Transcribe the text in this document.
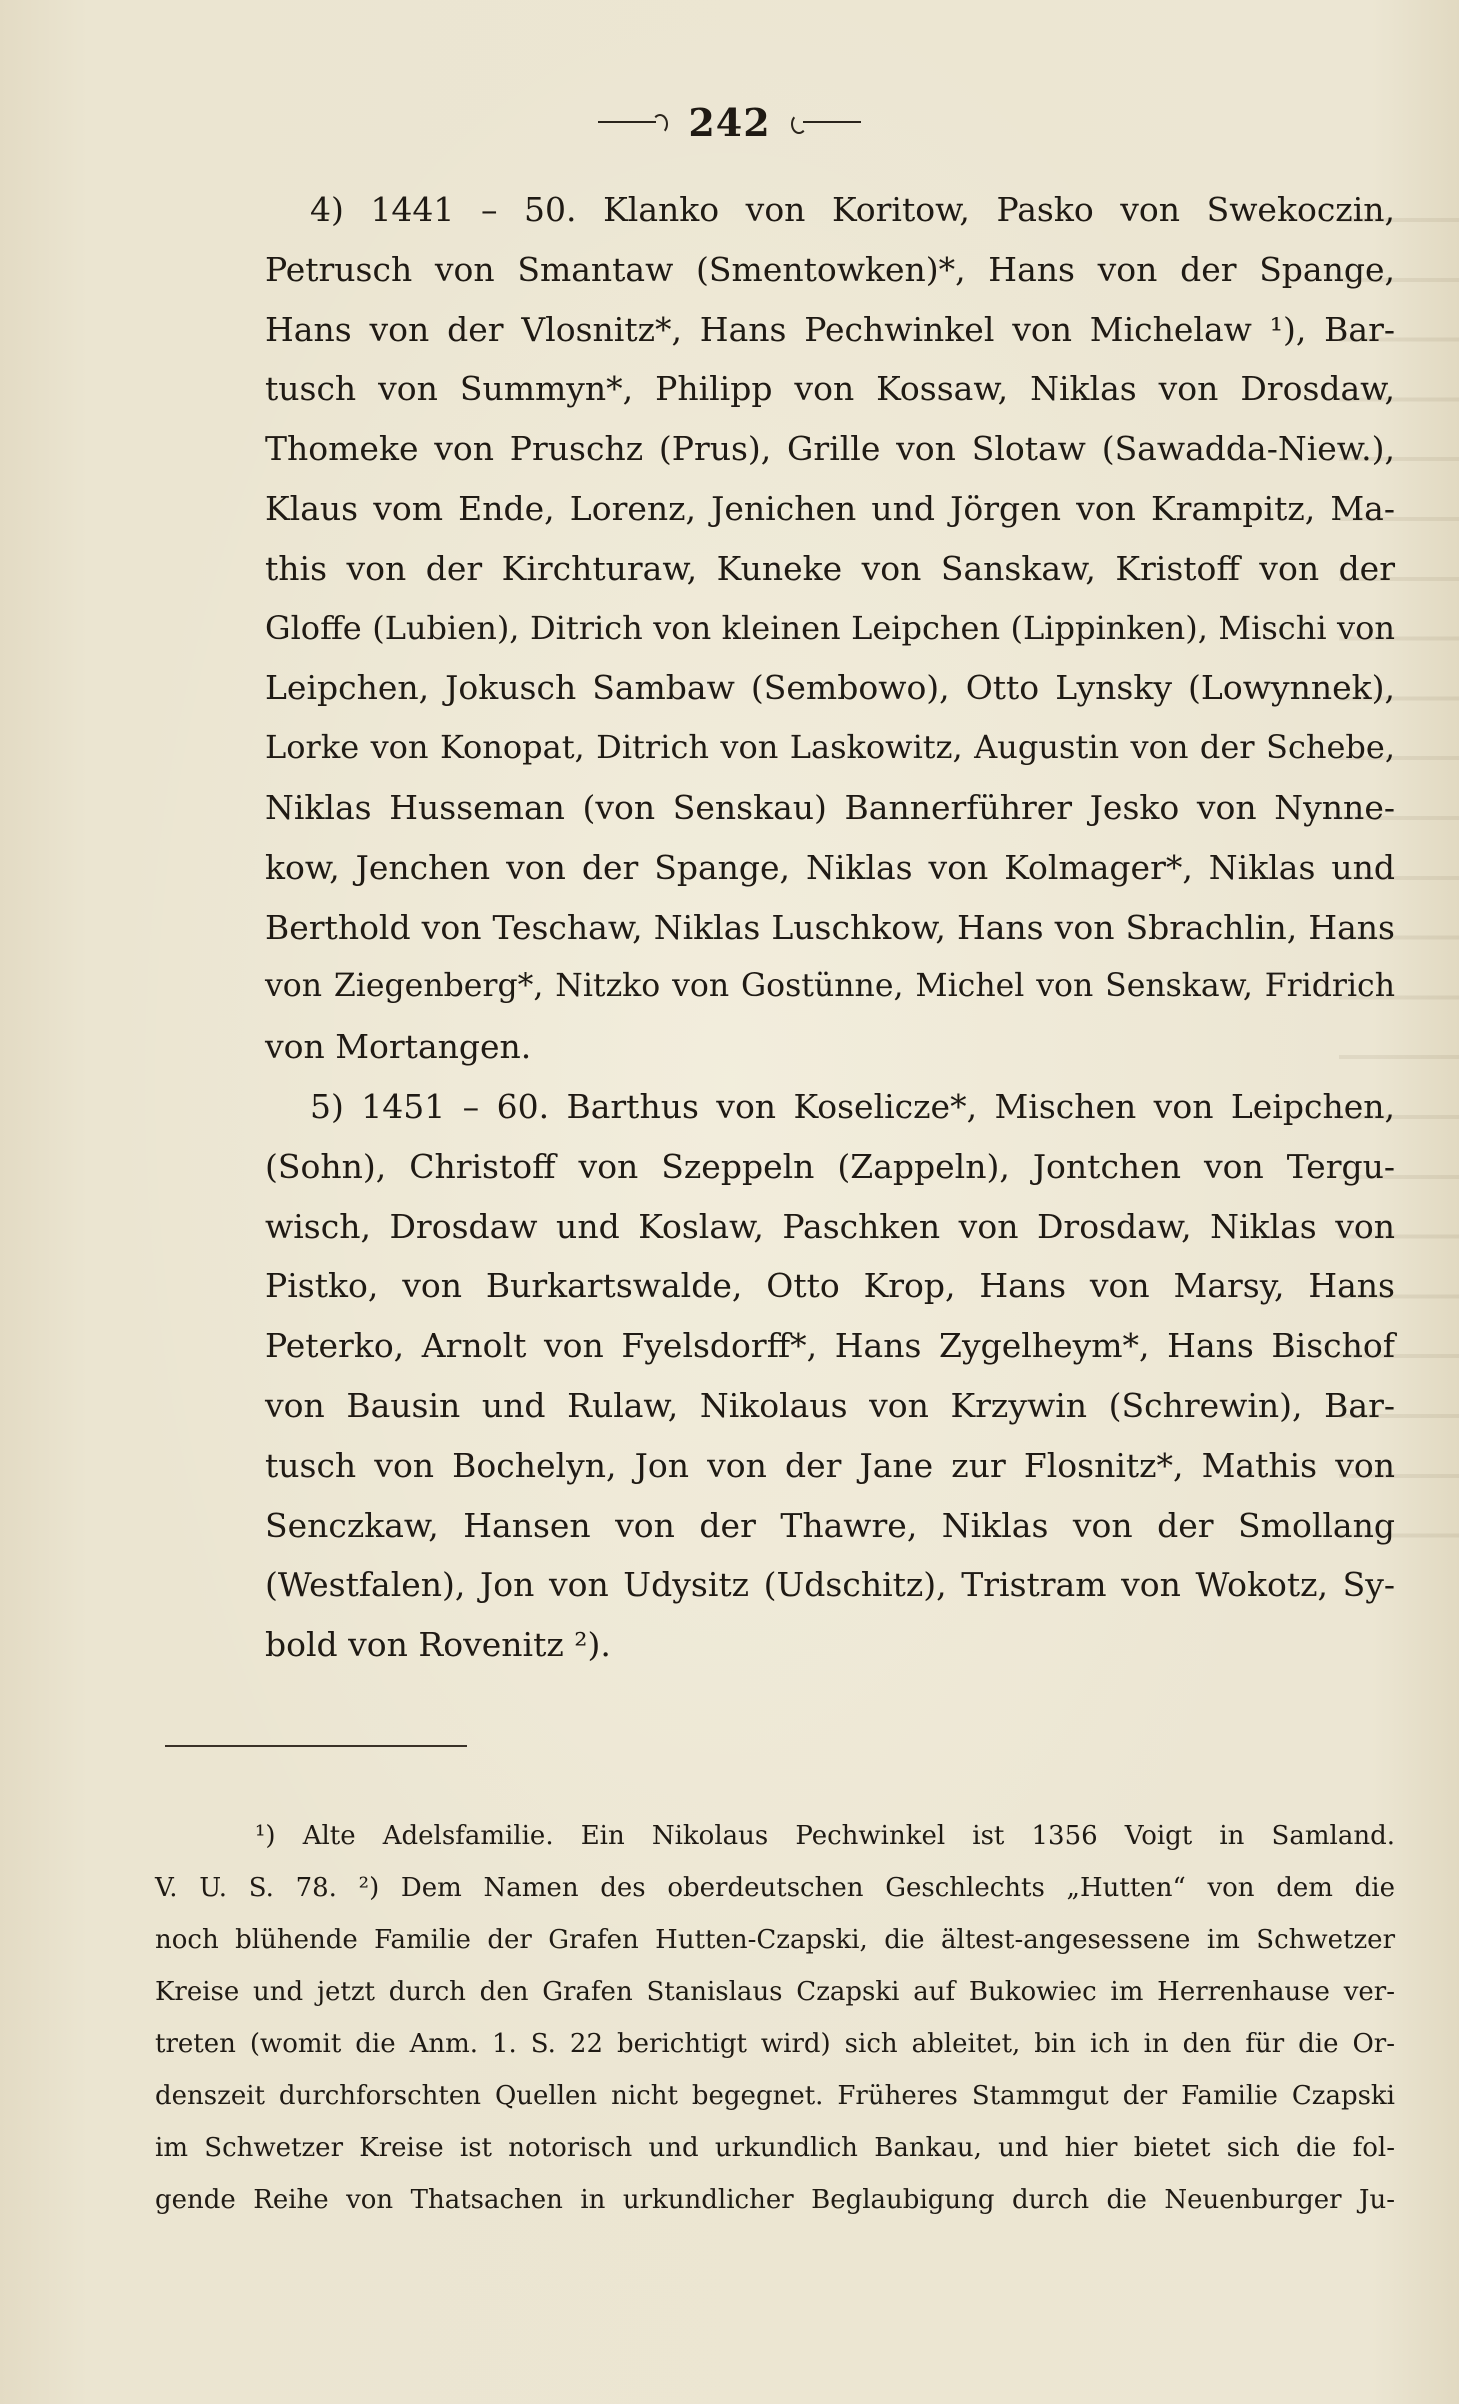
242
4) 1441 – 50. Klanko von Koritow, Pasko von Swekoczin,
Petrusch von Smantaw (Smentowken)*, Hans von der Spange,
Hans von der Vlosnitz*, Hans Pechwinkel von Michelaw ¹), Bar-
tusch von Summyn*, Philipp von Kossaw, Niklas von Drosdaw,
Thomeke von Pruschz (Prus), Grille von Slotaw (Sawadda-Niew.),
Klaus vom Ende, Lorenz, Jenichen und Jörgen von Krampitz, Ma-
this von der Kirchturaw, Kuneke von Sanskaw, Kristoff von der
Gloffe (Lubien), Ditrich von kleinen Leipchen (Lippinken), Mischi von
Leipchen, Jokusch Sambaw (Sembowo), Otto Lynsky (Lowynnek),
Lorke von Konopat, Ditrich von Laskowitz, Augustin von der Schebe,
Niklas Husseman (von Senskau) Bannerführer Jesko von Nynne-
kow, Jenchen von der Spange, Niklas von Kolmager*, Niklas und
Berthold von Teschaw, Niklas Luschkow, Hans von Sbrachlin, Hans
von Ziegenberg*, Nitzko von Gostünne, Michel von Senskaw, Fridrich
von Mortangen.
5) 1451 – 60. Barthus von Koselicze*, Mischen von Leipchen,
(Sohn), Christoff von Szeppeln (Zappeln), Jontchen von Tergu-
wisch, Drosdaw und Koslaw, Paschken von Drosdaw, Niklas von
Pistko, von Burkartswalde, Otto Krop, Hans von Marsy, Hans
Peterko, Arnolt von Fyelsdorff*, Hans Zygelheym*, Hans Bischof
von Bausin und Rulaw, Nikolaus von Krzywin (Schrewin), Bar-
tusch von Bochelyn, Jon von der Jane zur Flosnitz*, Mathis von
Senczkaw, Hansen von der Thawre, Niklas von der Smollang
(Westfalen), Jon von Udysitz (Udschitz), Tristram von Wokotz, Sy-
bold von Rovenitz ²).
¹) Alte Adelsfamilie. Ein Nikolaus Pechwinkel ist 1356 Voigt in Samland.
V. U. S. 78. ²) Dem Namen des oberdeutschen Geschlechts „Hutten“ von dem die
noch blühende Familie der Grafen Hutten-Czapski, die ältest-angesessene im Schwetzer
Kreise und jetzt durch den Grafen Stanislaus Czapski auf Bukowiec im Herrenhause ver-
treten (womit die Anm. 1. S. 22 berichtigt wird) sich ableitet, bin ich in den für die Or-
denszeit durchforschten Quellen nicht begegnet. Früheres Stammgut der Familie Czapski
im Schwetzer Kreise ist notorisch und urkundlich Bankau, und hier bietet sich die fol-
gende Reihe von Thatsachen in urkundlicher Beglaubigung durch die Neuenburger Ju-
